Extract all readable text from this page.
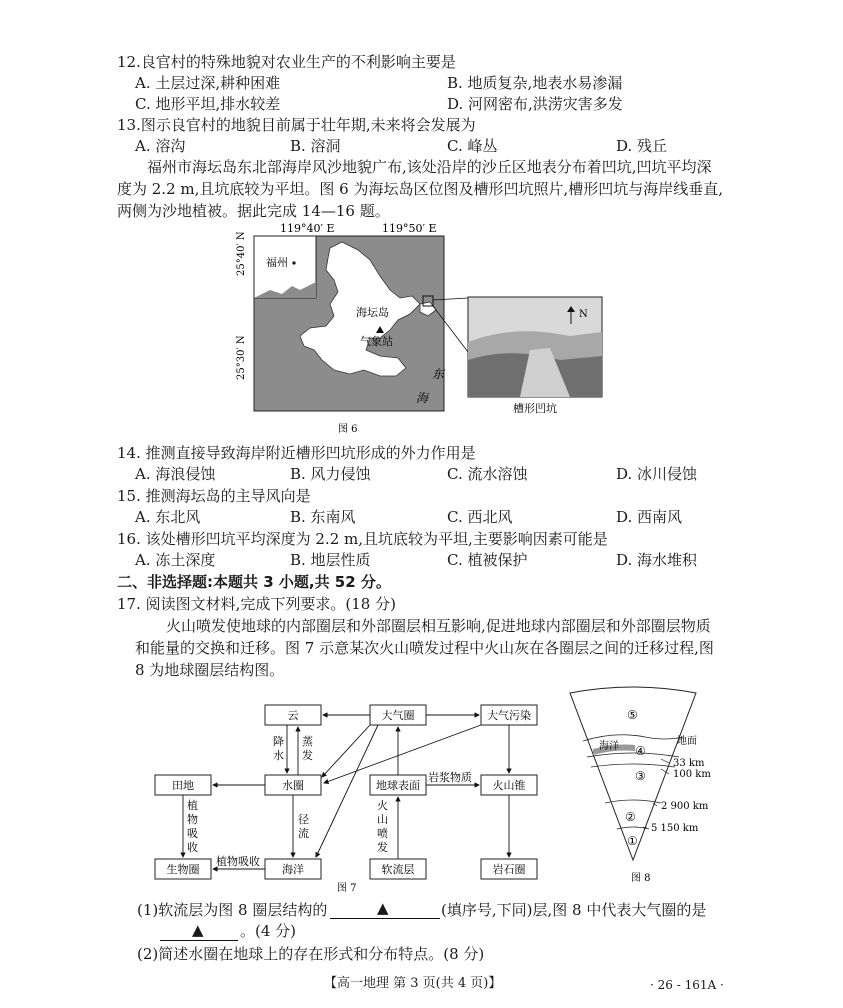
12.良官村的特殊地貌对农业生产的不利影响主要是
A. 土层过深,耕种困难	B. 地质复杂,地表水易渗漏
C. 地形平坦,排水较差	D. 河网密布,洪涝灾害多发
13.图示良官村的地貌目前属于壮年期,未来将会发展为
A. 溶沟	B. 溶洞	C. 峰丛	D. 残丘
福州市海坛岛东北部海岸风沙地貌广布,该处沿岸的沙丘区地表分布着凹坑,凹坑平均深
度为 2.2 m,且坑底较为平坦。图 6 为海坛岛区位图及槽形凹坑照片,槽形凹坑与海岸线垂直,
两侧为沙地植被。据此完成 14—16 题。
N
119°40′ E	119°50′ E
25°40′ N
25°30′ N
福州
海坛岛
气象站
东
海
槽形凹坑
图 6
14. 推测直接导致海岸附近槽形凹坑形成的外力作用是
A. 海浪侵蚀	B. 风力侵蚀	C. 流水溶蚀	D. 冰川侵蚀
15. 推测海坛岛的主导风向是
A. 东北风	B. 东南风	C. 西北风	D. 西南风
16. 该处槽形凹坑平均深度为 2.2 m,且坑底较为平坦,主要影响因素可能是
A. 冻土深度	B. 地层性质	C. 植被保护	D. 海水堆积
二、非选择题:本题共 3 小题,共 52 分。
17. 阅读图文材料,完成下列要求。(18 分)
火山喷发使地球的内部圈层和外部圈层相互影响,促进地球内部圈层和外部圈层物质
和能量的交换和迁移。图 7 示意某次火山喷发过程中火山灰在各圈层之间的迁移过程,图
8 为地球圈层结构图。
云	大气圈	大气污染
田地	水圈	地球表面	火山锥
生物圈	海洋	软流层	岩石圈
降
水
蒸
发
径
流
植
物
吸
收
植物吸收
岩浆物质
火
山
喷
发
图 7
⑤
④
③
②
①
海洋	地面
33 km
100 km
2 900 km
5 150 km
图 8
(1)软流层为图 8 圈层结构的	▲	(填序号,下同)层,图 8 中代表大气圈的是
▲ 。(4 分)
(2)简述水圈在地球上的存在形式和分布特点。(8 分)
【高一地理 第 3 页(共 4 页)】	· 26 - 161A ·
